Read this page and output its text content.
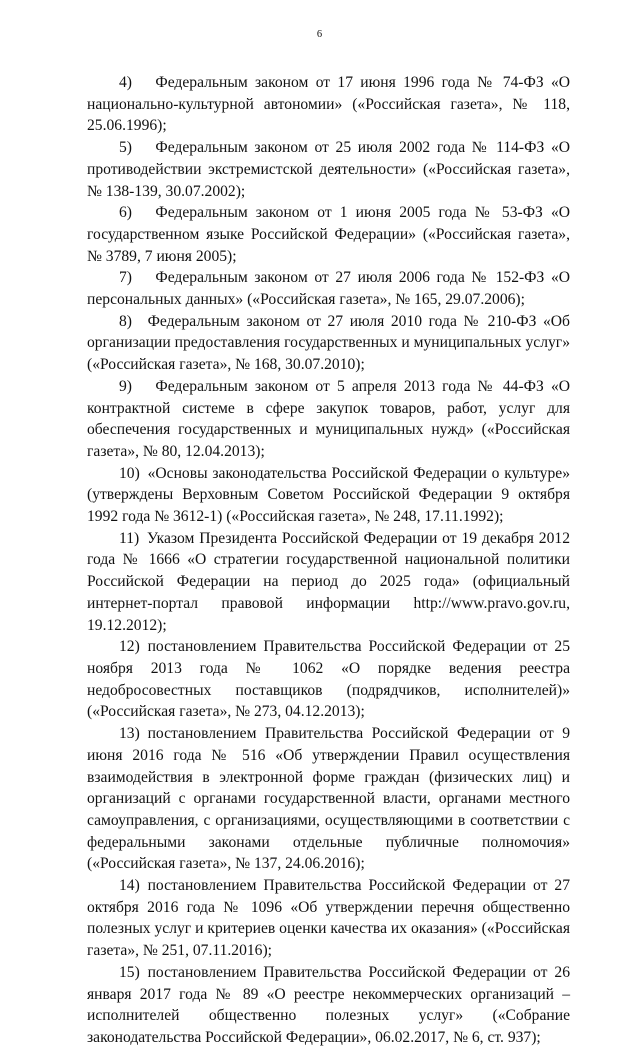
6

4)  Федеральным законом от 17 июня 1996 года № 74-ФЗ «О национально-культурной автономии» («Российская газета», № 118, 25.06.1996);

5)  Федеральным законом от 25 июля 2002 года № 114-ФЗ «О противодействии экстремистской деятельности» («Российская газета», № 138-139, 30.07.2002);

6)  Федеральным законом от 1 июня 2005 года № 53-ФЗ «О государственном языке Российской Федерации» («Российская газета», № 3789, 7 июня 2005);

7)  Федеральным законом от 27 июля 2006 года № 152-ФЗ «О персональных данных» («Российская газета», № 165, 29.07.2006);

8) Федеральным законом от 27 июля 2010 года № 210-ФЗ «Об организации предоставления государственных и муниципальных услуг» («Российская газета», № 168, 30.07.2010);

9)  Федеральным законом от 5 апреля 2013 года № 44-ФЗ «О контрактной системе в сфере закупок товаров, работ, услуг для обеспечения государственных и муниципальных нужд» («Российская газета», № 80, 12.04.2013);

10) «Основы законодательства Российской Федерации о культуре» (утверждены Верховным Советом Российской Федерации 9 октября 1992 года № 3612-1) («Российская газета», № 248, 17.11.1992);

11) Указом Президента Российской Федерации от 19 декабря 2012 года № 1666 «О стратегии государственной национальной политики Российской Федерации на период до 2025 года» (официальный интернет-портал правовой информации http://www.pravo.gov.ru, 19.12.2012);

12) постановлением Правительства Российской Федерации от 25 ноября 2013 года № 1062 «О порядке ведения реестра недобросовестных поставщиков (подрядчиков, исполнителей)» («Российская газета», № 273, 04.12.2013);

13) постановлением Правительства Российской Федерации от 9 июня 2016 года № 516 «Об утверждении Правил осуществления взаимодействия в электронной форме граждан (физических лиц) и организаций с органами государственной власти, органами местного самоуправления, с организациями, осуществляющими в соответствии с федеральными законами отдельные публичные полномочия» («Российская газета», № 137, 24.06.2016);

14) постановлением Правительства Российской Федерации от 27 октября 2016 года № 1096 «Об утверждении перечня общественно полезных услуг и критериев оценки качества их оказания» («Российская газета», № 251, 07.11.2016);

15) постановлением Правительства Российской Федерации от 26 января 2017 года № 89 «О реестре некоммерческих организаций – исполнителей общественно полезных услуг» («Собрание законодательства Российской Федерации», 06.02.2017, № 6, ст. 937);
